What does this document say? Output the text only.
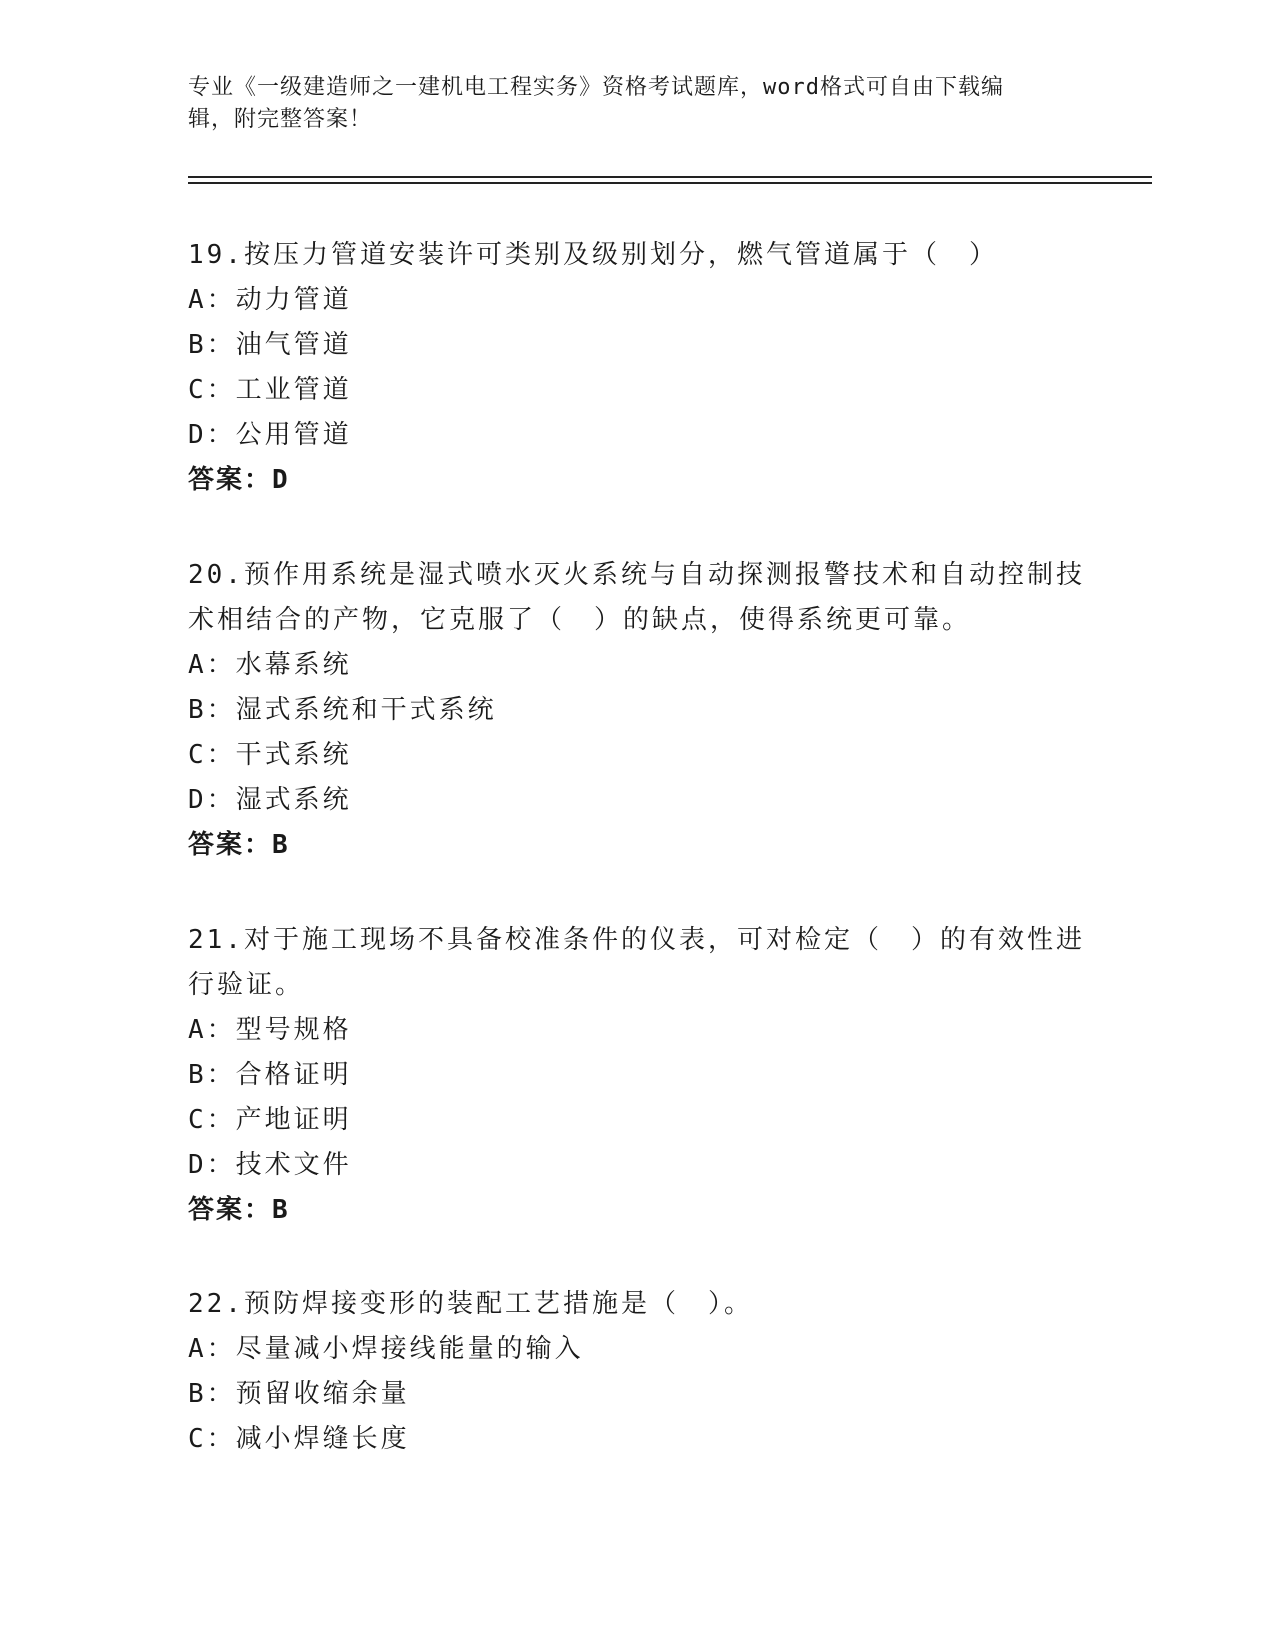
专业《一级建造师之一建机电工程实务》资格考试题库，word格式可自由下载编
辑，附完整答案！

19.按压力管道安装许可类别及级别划分，燃气管道属于（　）

A：动力管道

B：油气管道

C：工业管道

D：公用管道

答案：D

20.预作用系统是湿式喷水灭火系统与自动探测报警技术和自动控制技

术相结合的产物，它克服了（　）的缺点，使得系统更可靠。

A：水幕系统

B：湿式系统和干式系统

C：干式系统

D：湿式系统

答案：B

21.对于施工现场不具备校准条件的仪表，可对检定（　）的有效性进

行验证。

A：型号规格

B：合格证明

C：产地证明

D：技术文件

答案：B

22.预防焊接变形的装配工艺措施是（　）。

A：尽量减小焊接线能量的输入

B：预留收缩余量

C：减小焊缝长度
